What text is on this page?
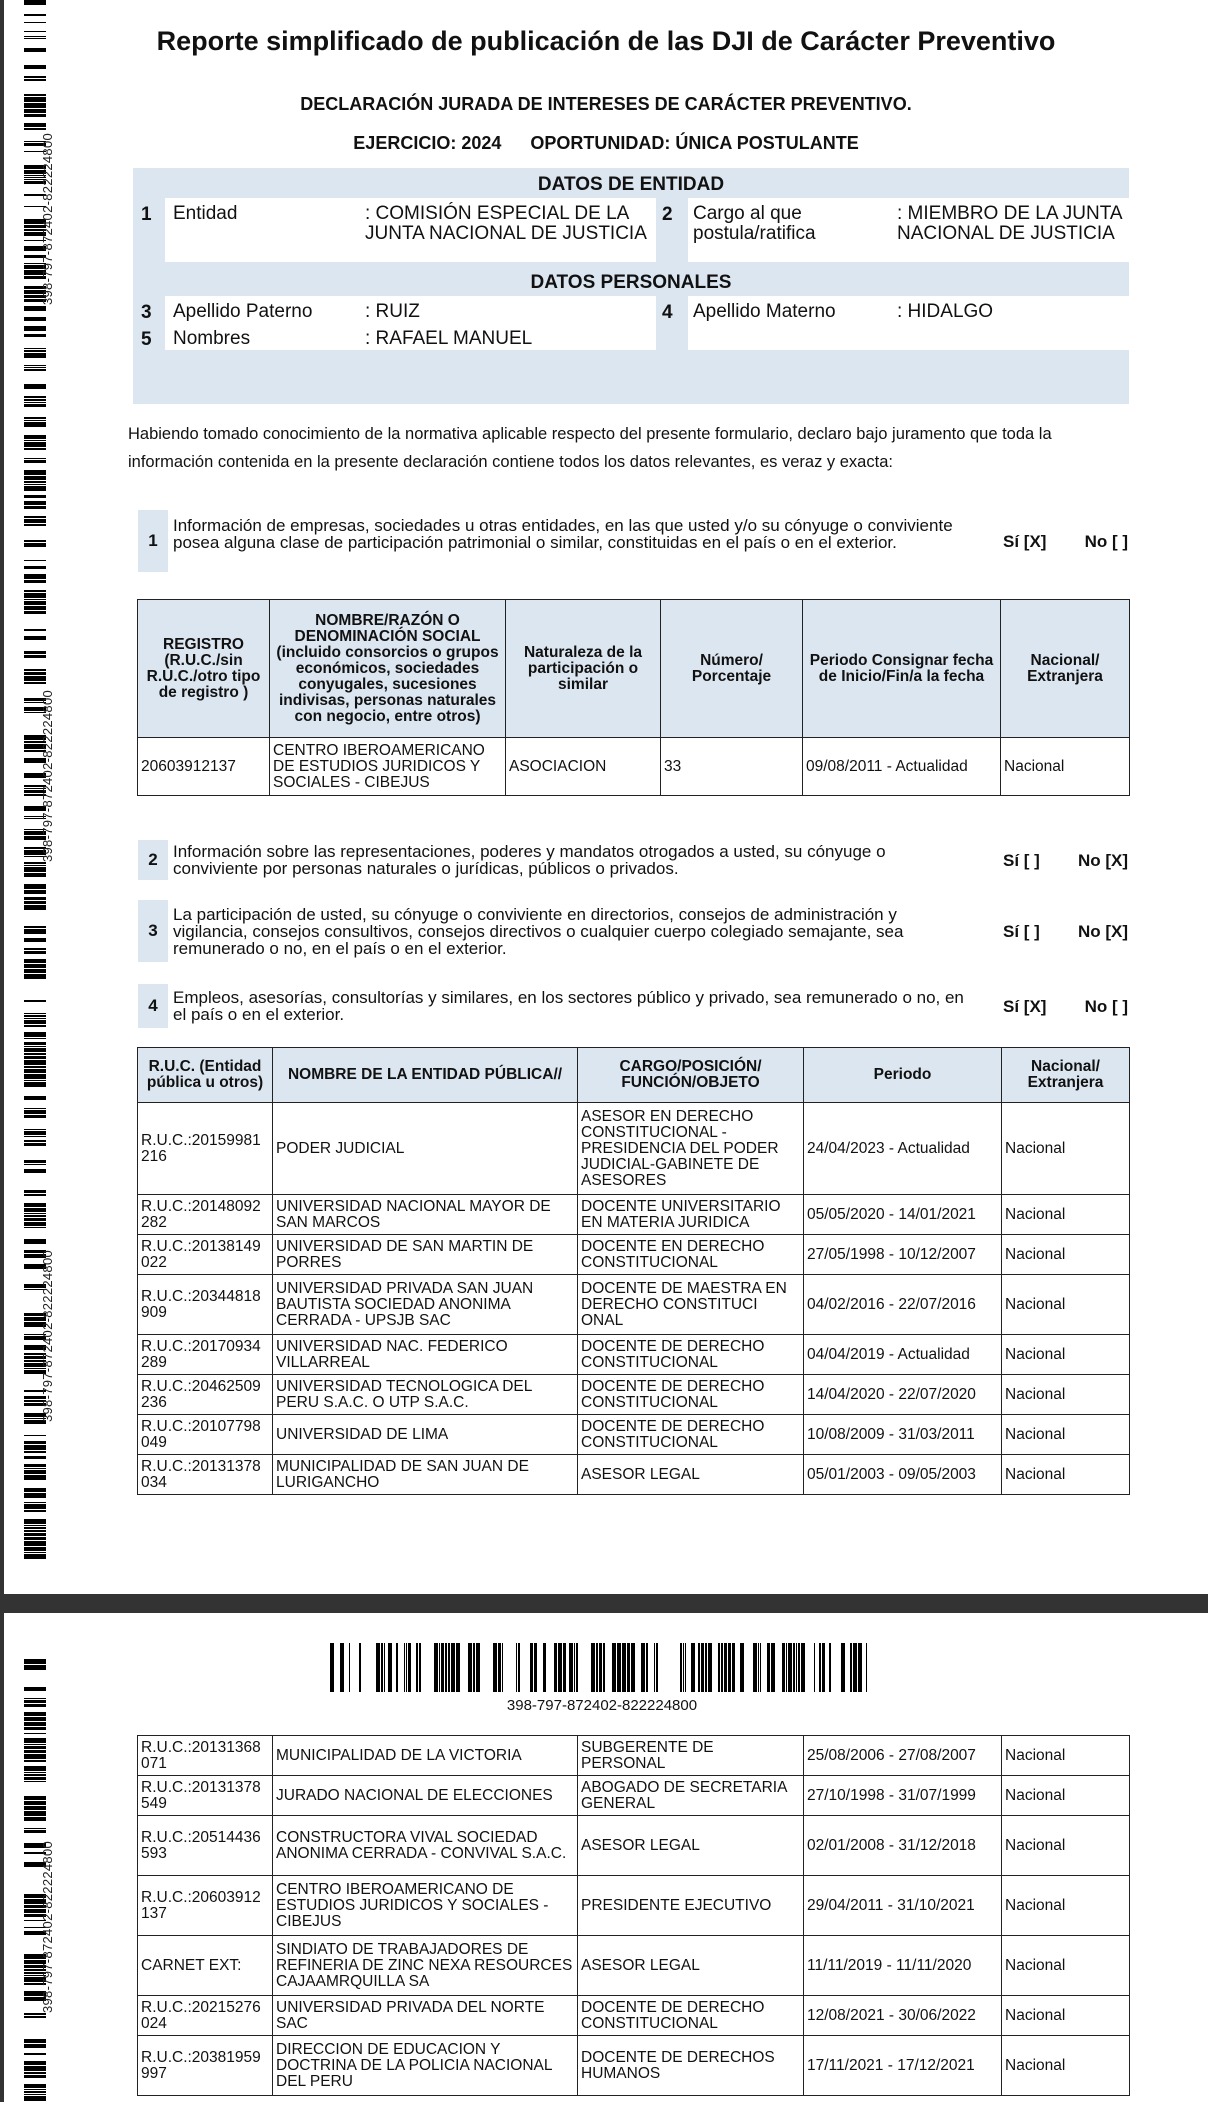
398-797-872402-822224800
398-797-872402-822224800
398-797-872402-822224800
Reporte simplificado de publicación de las DJI de Carácter Preventivo
DECLARACIÓN JURADA DE INTERESES DE CARÁCTER PREVENTIVO.
EJERCICIO: 2024 OPORTUNIDAD: ÚNICA POSTULANTE
DATOS DE ENTIDAD
1 Entidad	: COMISIÓN ESPECIAL DE LA JUNTA NACIONAL DE JUSTICIA
2 Cargo al que postula/ratifica
: MIEMBRO DE LA JUNTA NACIONAL DE JUSTICIA
DATOS PERSONALES
3 Apellido Paterno	: RUIZ	4 Apellido Materno	: HIDALGO
5 Nombres	: RAFAEL MANUEL
Habiendo tomado conocimiento de la normativa aplicable respecto del presente formulario, declaro bajo juramento que toda la información contenida en la presente declaración contiene todos los datos relevantes, es veraz y exacta:
1
Información de empresas, sociedades u otras entidades, en las que usted y/o su cónyuge o conviviente posea alguna clase de participación patrimonial o similar, constituidas en el país o en el exterior.	Sí [X] No [ ]
REGISTRO (R.U.C./sin R.U.C./otro tipo de registro )	NOMBRE/RAZÓN O DENOMINACIÓN SOCIAL (incluido consorcios o grupos económicos, sociedades conyugales, sucesiones indivisas, personas naturales con negocio, entre otros)	Naturaleza de la participación o similar	Número/ Porcentaje	Periodo Consignar fecha de Inicio/Fin/a la fecha	Nacional/ Extranjera
20603912137	CENTRO IBEROAMERICANO DE ESTUDIOS JURIDICOS Y SOCIALES - CIBEJUS	ASOCIACION	33	09/08/2011 - Actualidad	Nacional
2 Información sobre las representaciones, poderes y mandatos otrogados a usted, su cónyuge o conviviente por personas naturales o jurídicas, públicos o privados.	Sí [ ] No [X]
3
La participación de usted, su cónyuge o conviviente en directorios, consejos de administración y vigilancia, consejos consultivos, consejos directivos o cualquier cuerpo colegiado semajante, sea remunerado o no, en el país o en el exterior.
Sí [ ] No [X]
4 Empleos, asesorías, consultorías y similares, en los sectores público y privado, sea remunerado o no, en el país o en el exterior.	Sí [X] No [ ]
R.U.C. (Entidad pública u otros)	NOMBRE DE LA ENTIDAD PÚBLICA//	CARGO/POSICIÓN/ FUNCIÓN/OBJETO	Periodo	Nacional/ Extranjera
R.U.C.:20159981 216	PODER JUDICIAL	ASESOR EN DERECHO CONSTITUCIONAL - PRESIDENCIA DEL PODER JUDICIAL-GABINETE DE ASESORES	24/04/2023 - Actualidad	Nacional
R.U.C.:20148092 282	UNIVERSIDAD NACIONAL MAYOR DE SAN MARCOS	DOCENTE UNIVERSITARIO EN MATERIA JURIDICA	05/05/2020 - 14/01/2021	Nacional
R.U.C.:20138149 022	UNIVERSIDAD DE SAN MARTIN DE PORRES	DOCENTE EN DERECHO CONSTITUCIONAL	27/05/1998 - 10/12/2007	Nacional
R.U.C.:20344818 909	UNIVERSIDAD PRIVADA SAN JUAN BAUTISTA SOCIEDAD ANONIMA CERRADA - UPSJB SAC	DOCENTE DE MAESTRA EN DERECHO CONSTITUCI ONAL	04/02/2016 - 22/07/2016	Nacional
R.U.C.:20170934 289	UNIVERSIDAD NAC. FEDERICO VILLARREAL	DOCENTE DE DERECHO CONSTITUCIONAL	04/04/2019 - Actualidad	Nacional
R.U.C.:20462509 236	UNIVERSIDAD TECNOLOGICA DEL PERU S.A.C. O UTP S.A.C.	DOCENTE DE DERECHO CONSTITUCIONAL	14/04/2020 - 22/07/2020	Nacional
R.U.C.:20107798 049	UNIVERSIDAD DE LIMA	DOCENTE DE DERECHO CONSTITUCIONAL	10/08/2009 - 31/03/2011	Nacional
R.U.C.:20131378 034	MUNICIPALIDAD DE SAN JUAN DE LURIGANCHO	ASESOR LEGAL	05/01/2003 - 09/05/2003	Nacional
398-797-872402-822224800
398-797-872402-822224800
R.U.C.:20131368 071	MUNICIPALIDAD DE LA VICTORIA	SUBGERENTE DE PERSONAL	25/08/2006 - 27/08/2007	Nacional
R.U.C.:20131378 549	JURADO NACIONAL DE ELECCIONES	ABOGADO DE SECRETARIA GENERAL	27/10/1998 - 31/07/1999	Nacional
R.U.C.:20514436 593	CONSTRUCTORA VIVAL SOCIEDAD ANONIMA CERRADA - CONVIVAL S.A.C.	ASESOR LEGAL	02/01/2008 - 31/12/2018	Nacional
R.U.C.:20603912 137	CENTRO IBEROAMERICANO DE ESTUDIOS JURIDICOS Y SOCIALES - CIBEJUS	PRESIDENTE EJECUTIVO	29/04/2011 - 31/10/2021	Nacional
CARNET EXT:	SINDIATO DE TRABAJADORES DE REFINERIA DE ZINC NEXA RESOURCES CAJAAMRQUILLA SA	ASESOR LEGAL	11/11/2019 - 11/11/2020	Nacional
R.U.C.:20215276 024	UNIVERSIDAD PRIVADA DEL NORTE SAC	DOCENTE DE DERECHO CONSTITUCIONAL	12/08/2021 - 30/06/2022	Nacional
R.U.C.:20381959 997	DIRECCION DE EDUCACION Y DOCTRINA DE LA POLICIA NACIONAL DEL PERU	DOCENTE DE DERECHOS HUMANOS	17/11/2021 - 17/12/2021	Nacional
